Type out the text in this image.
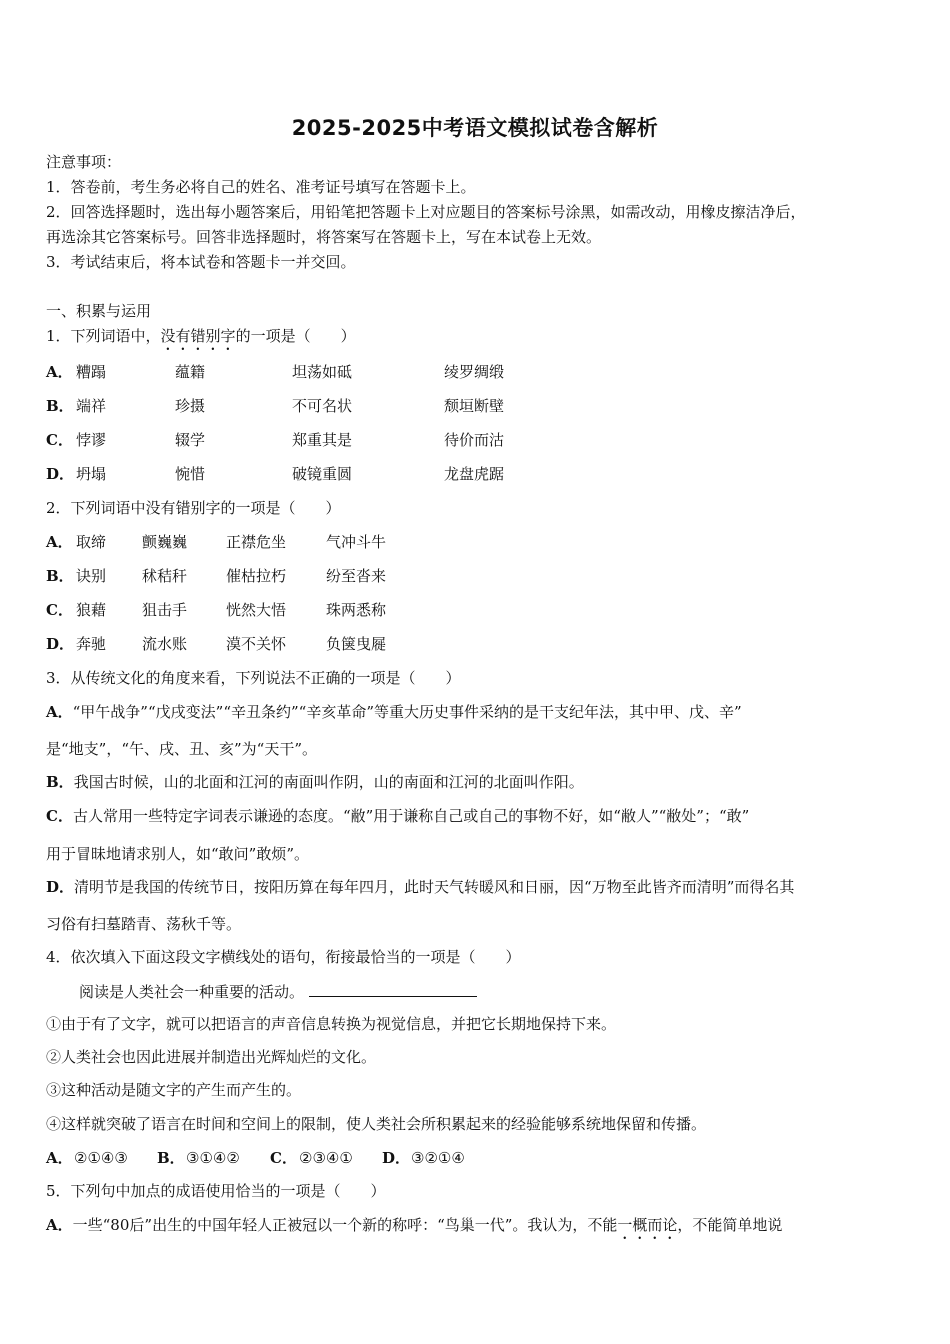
2025-2025中考语文模拟试卷含解析
注意事项：
1．答卷前，考生务必将自己的姓名、准考证号填写在答题卡上。
2．回答选择题时，选出每小题答案后，用铅笔把答题卡上对应题目的答案标号涂黑，如需改动，用橡皮擦洁净后，
再选涂其它答案标号。回答非选择题时，将答案写在答题卡上，写在本试卷上无效。
3．考试结束后，将本试卷和答题卡一并交回。
一、积累与运用
1．下列词语中，没有错别字的一项是（　　）
A． 糟蹋	蕴籍	坦荡如砥	绫罗绸缎
B． 端祥	珍摄	不可名状	颓垣断壁
C． 悖谬	辍学	郑重其是	待价而沽
D． 坍塌	惋惜	破镜重圆	龙盘虎踞
2．下列词语中没有错别字的一项是（　　）
A． 取缔 颤巍巍	正襟危坐	气冲斗牛
B． 诀别 秫秸秆	催枯拉朽	纷至沓来
C． 狼藉 狙击手	恍然大悟	珠两悉称
D． 奔驰 流水账	漠不关怀	负箧曳屣
3．从传统文化的角度来看，下列说法不正确的一项是（　　）
A．“甲午战争”“戊戌变法”“辛丑条约”“辛亥革命”等重大历史事件采纳的是干支纪年法，其中甲、戊、辛”
是“地支”，“午、戌、丑、亥”为“天干”。
B．我国古时候，山的北面和江河的南面叫作阴，山的南面和江河的北面叫作阳。
C．古人常用一些特定字词表示谦逊的态度。“敝”用于谦称自己或自己的事物不好，如“敝人”“敝处”；“敢”
用于冒昧地请求别人，如“敢问”敢烦”。
D．清明节是我国的传统节日，按阳历算在每年四月，此时天气转暖风和日丽，因“万物至此皆齐而清明”而得名其
习俗有扫墓踏青、荡秋千等。
4．依次填入下面这段文字横线处的语句，衔接最恰当的一项是（　　）
阅读是人类社会一种重要的活动。
①由于有了文字，就可以把语言的声音信息转换为视觉信息，并把它长期地保持下来。
②人类社会也因此进展并制造出光辉灿烂的文化。
③这种活动是随文字的产生而产生的。
④这样就突破了语言在时间和空间上的限制，使人类社会所积累起来的经验能够系统地保留和传播。
A． ②①④③ B． ③①④② C． ②③④① D． ③②①④
5．下列句中加点的成语使用恰当的一项是（　　）
A．一些“80后”出生的中国年轻人正被冠以一个新的称呼：“鸟巢一代”。我认为，不能一概而论，不能简单地说
